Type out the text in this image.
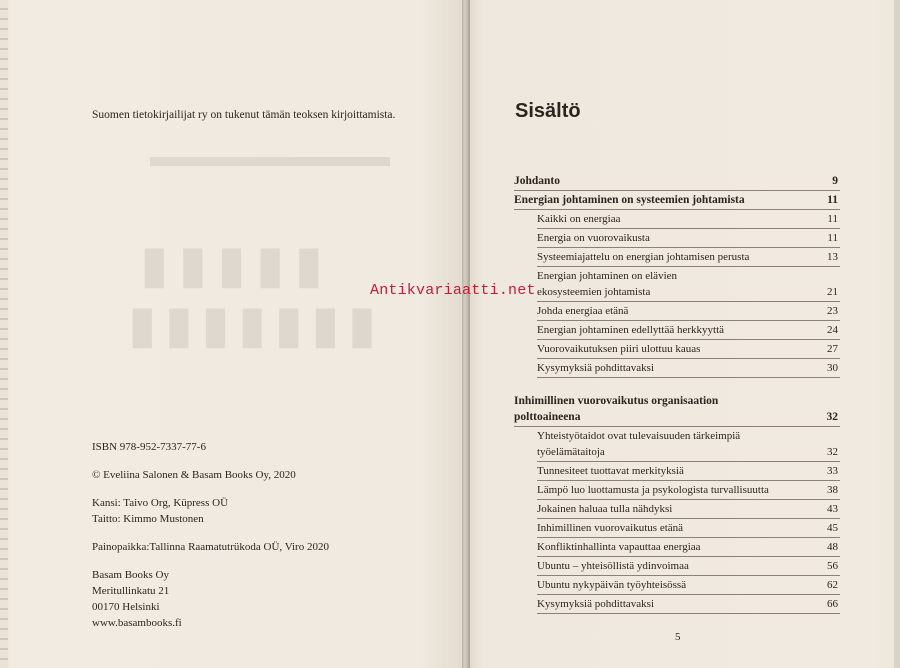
▬▬▬▬▬▬▬▬
▮▮▮▮▮
▮▮▮▮▮▮▮
Suomen tietokirjailijat ry on tukenut tämän teoksen kirjoittamista.
ISBN 978-952-7337-77-6
© Eveliina Salonen & Basam Books Oy, 2020
Kansi: Taivo Org, Küpress OÜ
Taitto: Kimmo Mustonen
Painopaikka:Tallinna Raamatutrükoda OÜ, Viro 2020
Basam Books Oy
Meritullinkatu 21
00170 Helsinki
www.basambooks.fi
Sisältö
Johdanto	9
Energian johtaminen on systeemien johtamista	11
Kaikki on energiaa	11
Energia on vuorovaikusta	11
Systeemiajattelu on energian johtamisen perusta	13
Energian johtaminen on elävien
ekosysteemien johtamista	21
Johda energiaa etänä	23
Energian johtaminen edellyttää herkkyyttä	24
Vuorovaikutuksen piiri ulottuu kauas	27
Kysymyksiä pohdittavaksi	30
Inhimillinen vuorovaikutus organisaation
polttoaineena	32
Yhteistyötaidot ovat tulevaisuuden tärkeimpiä
työelämätaitoja	32
Tunnesiteet tuottavat merkityksiä	33
Lämpö luo luottamusta ja psykologista turvallisuutta	38
Jokainen haluaa tulla nähdyksi	43
Inhimillinen vuorovaikutus etänä	45
Konfliktinhallinta vapauttaa energiaa	48
Ubuntu – yhteisöllistä ydinvoimaa	56
Ubuntu nykypäivän työyhteisössä	62
Kysymyksiä pohdittavaksi	66
5
Antikvariaatti.net
